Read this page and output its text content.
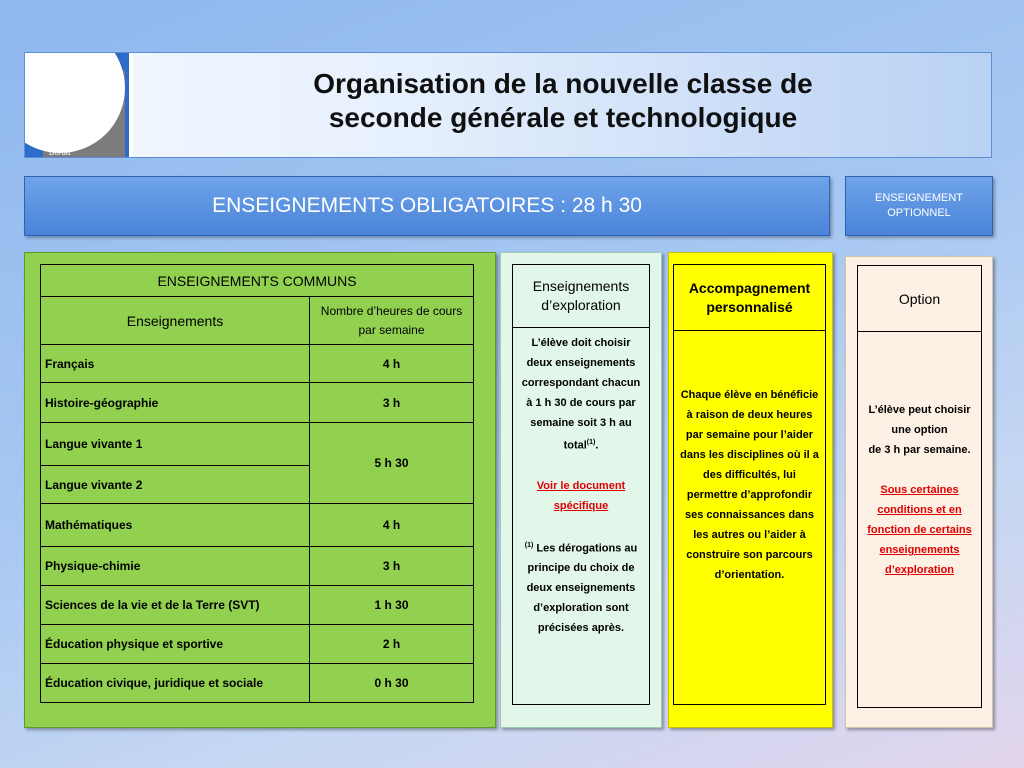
Lycée
d'enseignement général
et technologique
de
Borda
Organisation de la nouvelle classe de
seconde générale et technologique
ENSEIGNEMENTS OBLIGATOIRES : 28 h 30	ENSEIGNEMENT
OPTIONNEL
ENSEIGNEMENTS COMMUNS	
Enseignements	Nombre d’heures de cours par semaine
Français	4 h
Histoire-géographie	3 h
Langue vivante 1	5 h 30
Langue vivante 2	
Mathématiques	4 h
Physique-chimie	3 h
Sciences de la vie et de la Terre (SVT)	1 h 30
Éducation physique et sportive	2 h
Éducation civique, juridique et sociale	0 h 30
Enseignements d’exploration
L’élève doit choisir deux enseignements correspondant chacun à 1 h 30 de cours par semaine soit 3 h au total$^{(1)}$.
Voir le document spécifique
$^{(1)}$ Les dérogations au principe du choix de deux enseignements d’exploration sont précisées après.
Accompagnement personnalisé
Chaque élève en bénéficie à raison de deux heures par semaine pour l’aider dans les disciplines où il a des difficultés, lui permettre d’approfondir ses connaissances dans les autres ou l’aider à construire son parcours d’orientation.
Option
L’élève peut choisir une option
de 3 h par semaine.
Sous certaines conditions et en fonction de certains enseignements d’exploration
